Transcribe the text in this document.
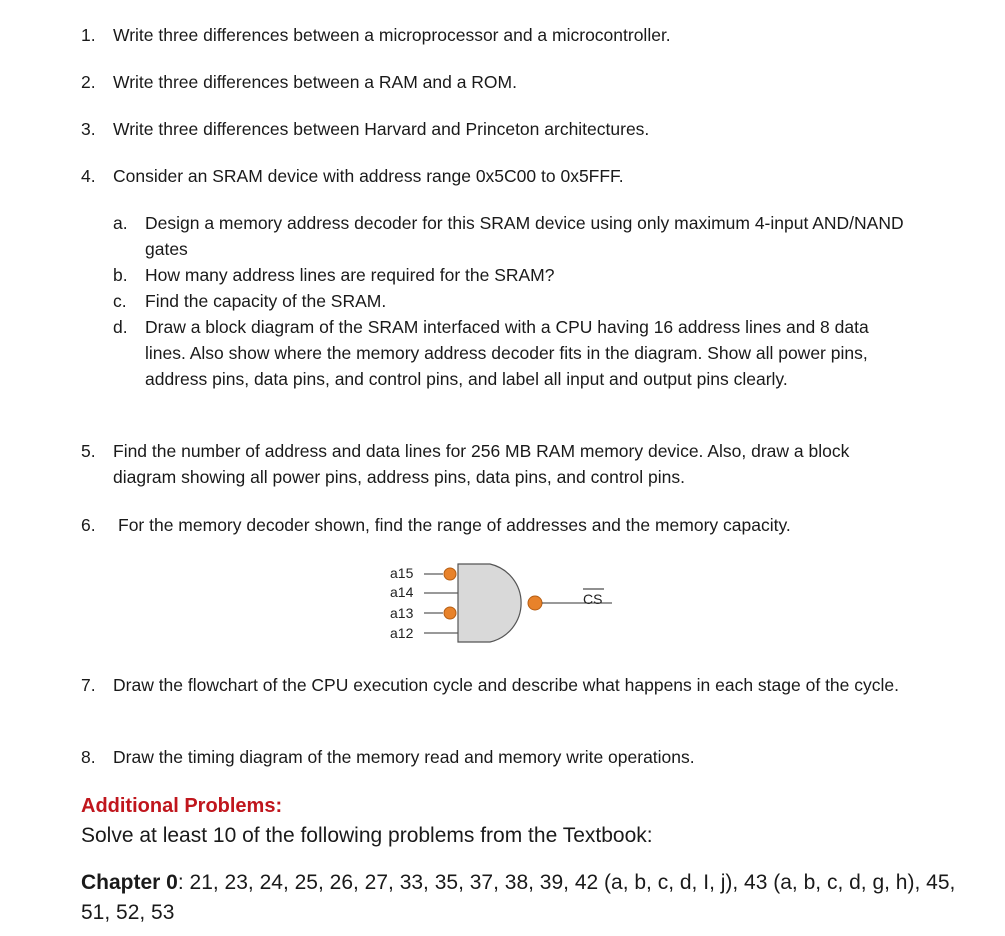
1. Write three differences between a microprocessor and a microcontroller.
2. Write three differences between a RAM and a ROM.
3. Write three differences between Harvard and Princeton architectures.
4. Consider an SRAM device with address range 0x5C00 to 0x5FFF.
a. Design a memory address decoder for this SRAM device using only maximum 4-input AND/NAND gates
b. How many address lines are required for the SRAM?
c. Find the capacity of the SRAM.
d. Draw a block diagram of the SRAM interfaced with a CPU having 16 address lines and 8 data lines. Also show where the memory address decoder fits in the diagram. Show all power pins, address pins, data pins, and control pins, and label all input and output pins clearly.
5. Find the number of address and data lines for 256 MB RAM memory device. Also, draw a block diagram showing all power pins, address pins, data pins, and control pins.
6. For the memory decoder shown, find the range of addresses and the memory capacity.
a15
a14
a13
a12
CS
7. Draw the flowchart of the CPU execution cycle and describe what happens in each stage of the cycle.
8. Draw the timing diagram of the memory read and memory write operations.
Additional Problems:
Solve at least 10 of the following problems from the Textbook:
Chapter 0: 21, 23, 24, 25, 26, 27, 33, 35, 37, 38, 39, 42 (a, b, c, d, I, j), 43 (a, b, c, d, g, h), 45, 51, 52, 53
